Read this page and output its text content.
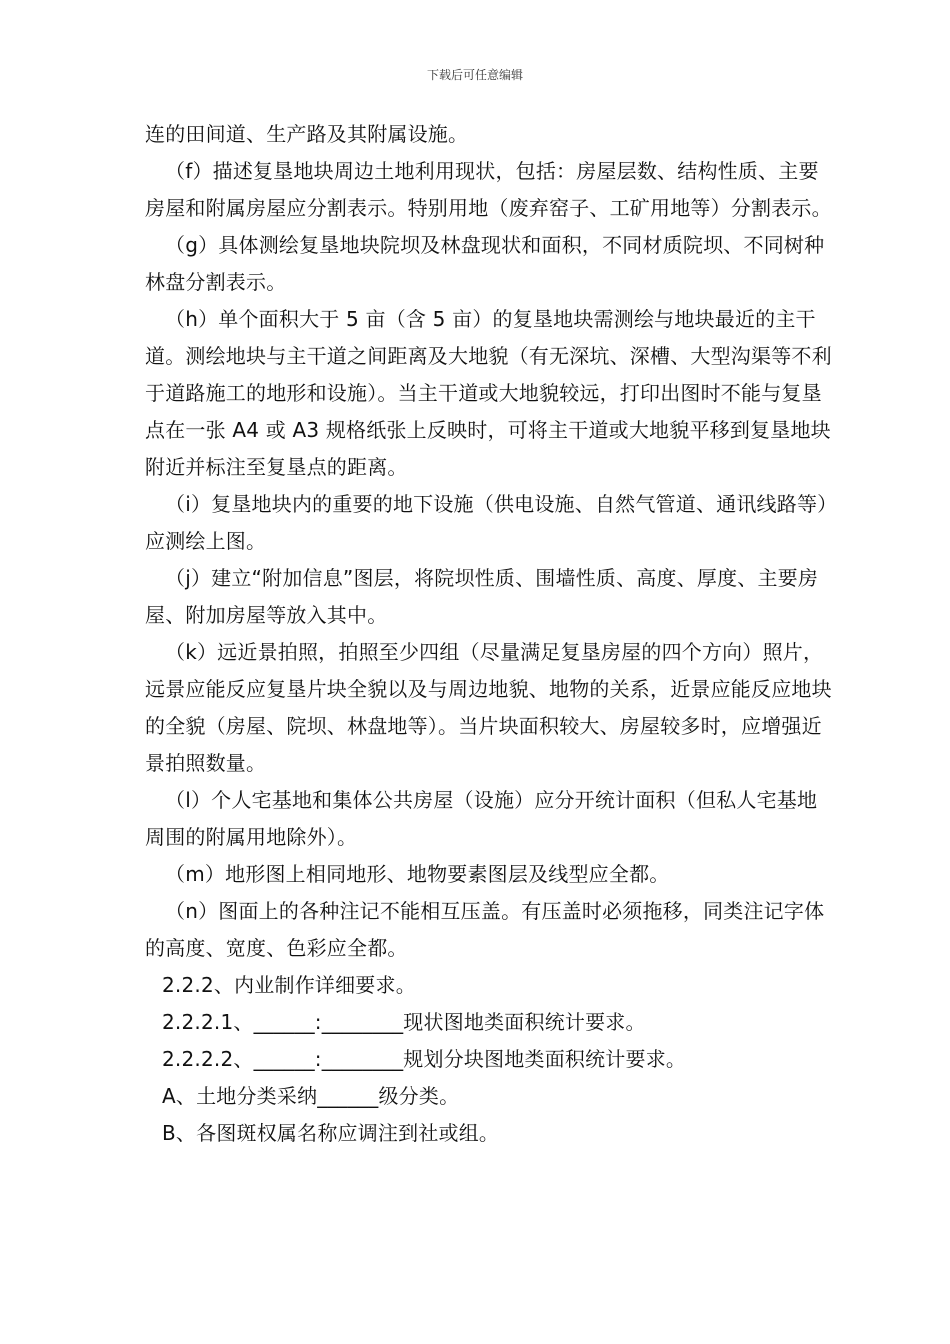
下载后可任意编辑

连的田间道、生产路及其附属设施。

（f）描述复垦地块周边土地利用现状，包括：房屋层数、结构性质、主要房屋和附属房屋应分割表示。特别用地（废弃窑子、工矿用地等）分割表示。

（g）具体测绘复垦地块院坝及林盘现状和面积，不同材质院坝、不同树种林盘分割表示。

（h）单个面积大于 5 亩（含 5 亩）的复垦地块需测绘与地块最近的主干道。测绘地块与主干道之间距离及大地貌（有无深坑、深槽、大型沟渠等不利于道路施工的地形和设施）。当主干道或大地貌较远，打印出图时不能与复垦点在一张 A4 或 A3 规格纸张上反映时，可将主干道或大地貌平移到复垦地块附近并标注至复垦点的距离。

（i）复垦地块内的重要的地下设施（供电设施、自然气管道、通讯线路等）应测绘上图。

（j）建立“附加信息”图层，将院坝性质、围墙性质、高度、厚度、主要房屋、附加房屋等放入其中。

（k）远近景拍照，拍照至少四组（尽量满足复垦房屋的四个方向）照片，远景应能反应复垦片块全貌以及与周边地貌、地物的关系，近景应能反应地块的全貌（房屋、院坝、林盘地等）。当片块面积较大、房屋较多时，应增强近景拍照数量。

（l）个人宅基地和集体公共房屋（设施）应分开统计面积（但私人宅基地周围的附属用地除外）。

（m）地形图上相同地形、地物要素图层及线型应全都。

（n）图面上的各种注记不能相互压盖。有压盖时必须拖移，同类注记字体的高度、宽度、色彩应全都。

2.2.2、内业制作详细要求。

2.2.2.1、______:________现状图地类面积统计要求。

2.2.2.2、______:________规划分块图地类面积统计要求。

A、土地分类采纳______级分类。

B、各图斑权属名称应调注到社或组。
